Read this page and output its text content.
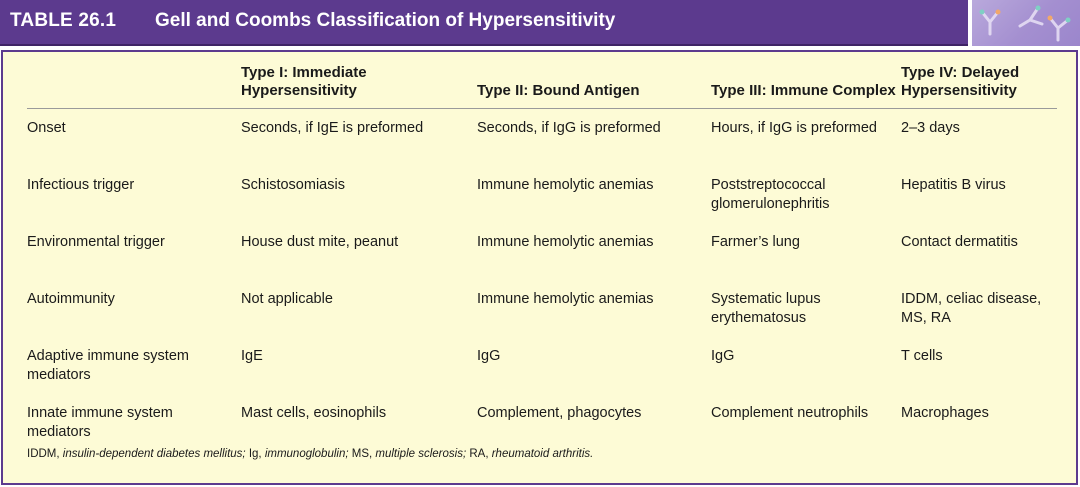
TABLE 26.1 Gell and Coombs Classification of Hypersensitivity
	Type I: Immediate Hypersensitivity	Type II: Bound Antigen	Type III: Immune Complex	Type IV: Delayed Hypersensitivity
Onset	Seconds, if IgE is preformed	Seconds, if IgG is preformed	Hours, if IgG is preformed	2–3 days
Infectious trigger	Schistosomiasis	Immune hemolytic anemias	Poststreptococcal glomerulonephritis	Hepatitis B virus
Environmental trigger	House dust mite, peanut	Immune hemolytic anemias	Farmer’s lung	Contact dermatitis
Autoimmunity	Not applicable	Immune hemolytic anemias	Systematic lupus erythematosus	IDDM, celiac disease, MS, RA
Adaptive immune system mediators	IgE	IgG	IgG	T cells
Innate immune system mediators	Mast cells, eosinophils	Complement, phagocytes	Complement neutrophils	Macrophages
IDDM, insulin-dependent diabetes mellitus; Ig, immunoglobulin; MS, multiple sclerosis; RA, rheumatoid arthritis.
